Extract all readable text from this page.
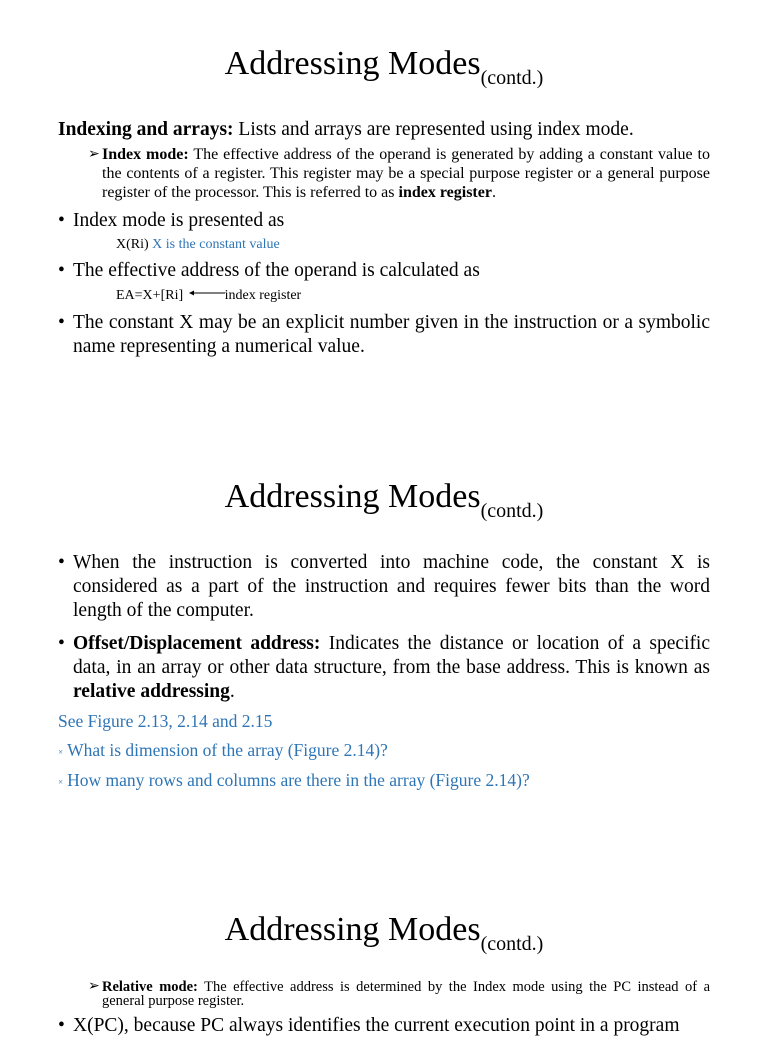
Addressing Modes$_{(contd.)}$
Indexing and arrays: Lists and arrays are represented using index mode.
➢ Index mode: The effective address of the operand is generated by adding a constant value to the contents of a register. This register may be a special purpose register or a general purpose register of the processor. This is referred to as index register.
• Index mode is presented as
X(Ri) X is the constant value
• The effective address of the operand is calculated as
EA=X+[Ri]	index register
• The constant X may be an explicit number given in the instruction or a symbolic name representing a numerical value.
Addressing Modes$_{(contd.)}$
• When the instruction is converted into machine code, the constant X is considered as a part of the instruction and requires fewer bits than the word length of the computer.
• Offset/Displacement address: Indicates the distance or location of a specific data, in an array or other data structure, from the base address. This is known as relative addressing.
See Figure 2.13, 2.14 and 2.15
× What is dimension of the array (Figure 2.14)?
× How many rows and columns are there in the array (Figure 2.14)?
Addressing Modes$_{(contd.)}$
➢ Relative mode: The effective address is determined by the Index mode using the PC instead of a general purpose register.
• X(PC), because PC always identifies the current execution point in a program
